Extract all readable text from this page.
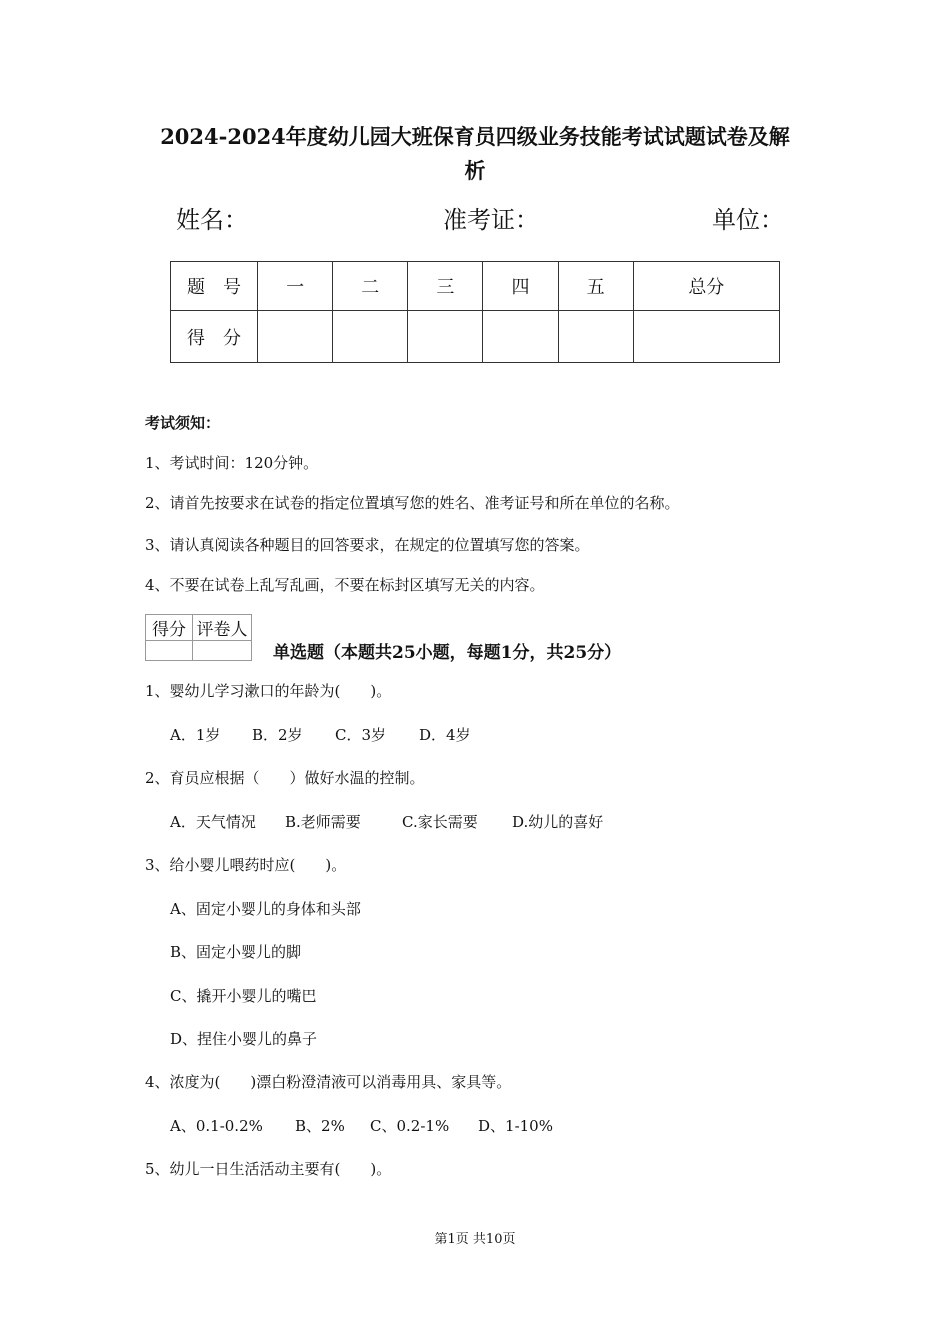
2024-2024年度幼儿园大班保育员四级业务技能考试试题试卷及解
析
姓名：	准考证：	单位：
题　号	一	二	三	四	五	总分
得　分						
考试须知：
1、考试时间：120分钟。
2、请首先按要求在试卷的指定位置填写您的姓名、准考证号和所在单位的名称。
3、请认真阅读各种题目的回答要求，在规定的位置填写您的答案。
4、不要在试卷上乱写乱画，不要在标封区填写无关的内容。
得分	评卷人

单选题（本题共25小题，每题1分，共25分）
1、婴幼儿学习漱口的年龄为(　　)。
A．1岁 B．2岁 C．3岁 D．4岁
2、育员应根据（　　）做好水温的控制。
A．天气情况 B.老师需要	C.家长需要 D.幼儿的喜好
3、给小婴儿喂药时应(　　)。
A、固定小婴儿的身体和头部
B、固定小婴儿的脚
C、撬开小婴儿的嘴巴
D、捏住小婴儿的鼻子
4、浓度为(　　)漂白粉澄清液可以消毒用具、家具等。
A、0.1-0.2% B、2% C、0.2-1% D、1-10%
5、幼儿一日生活活动主要有(　　)。
第1页 共10页
